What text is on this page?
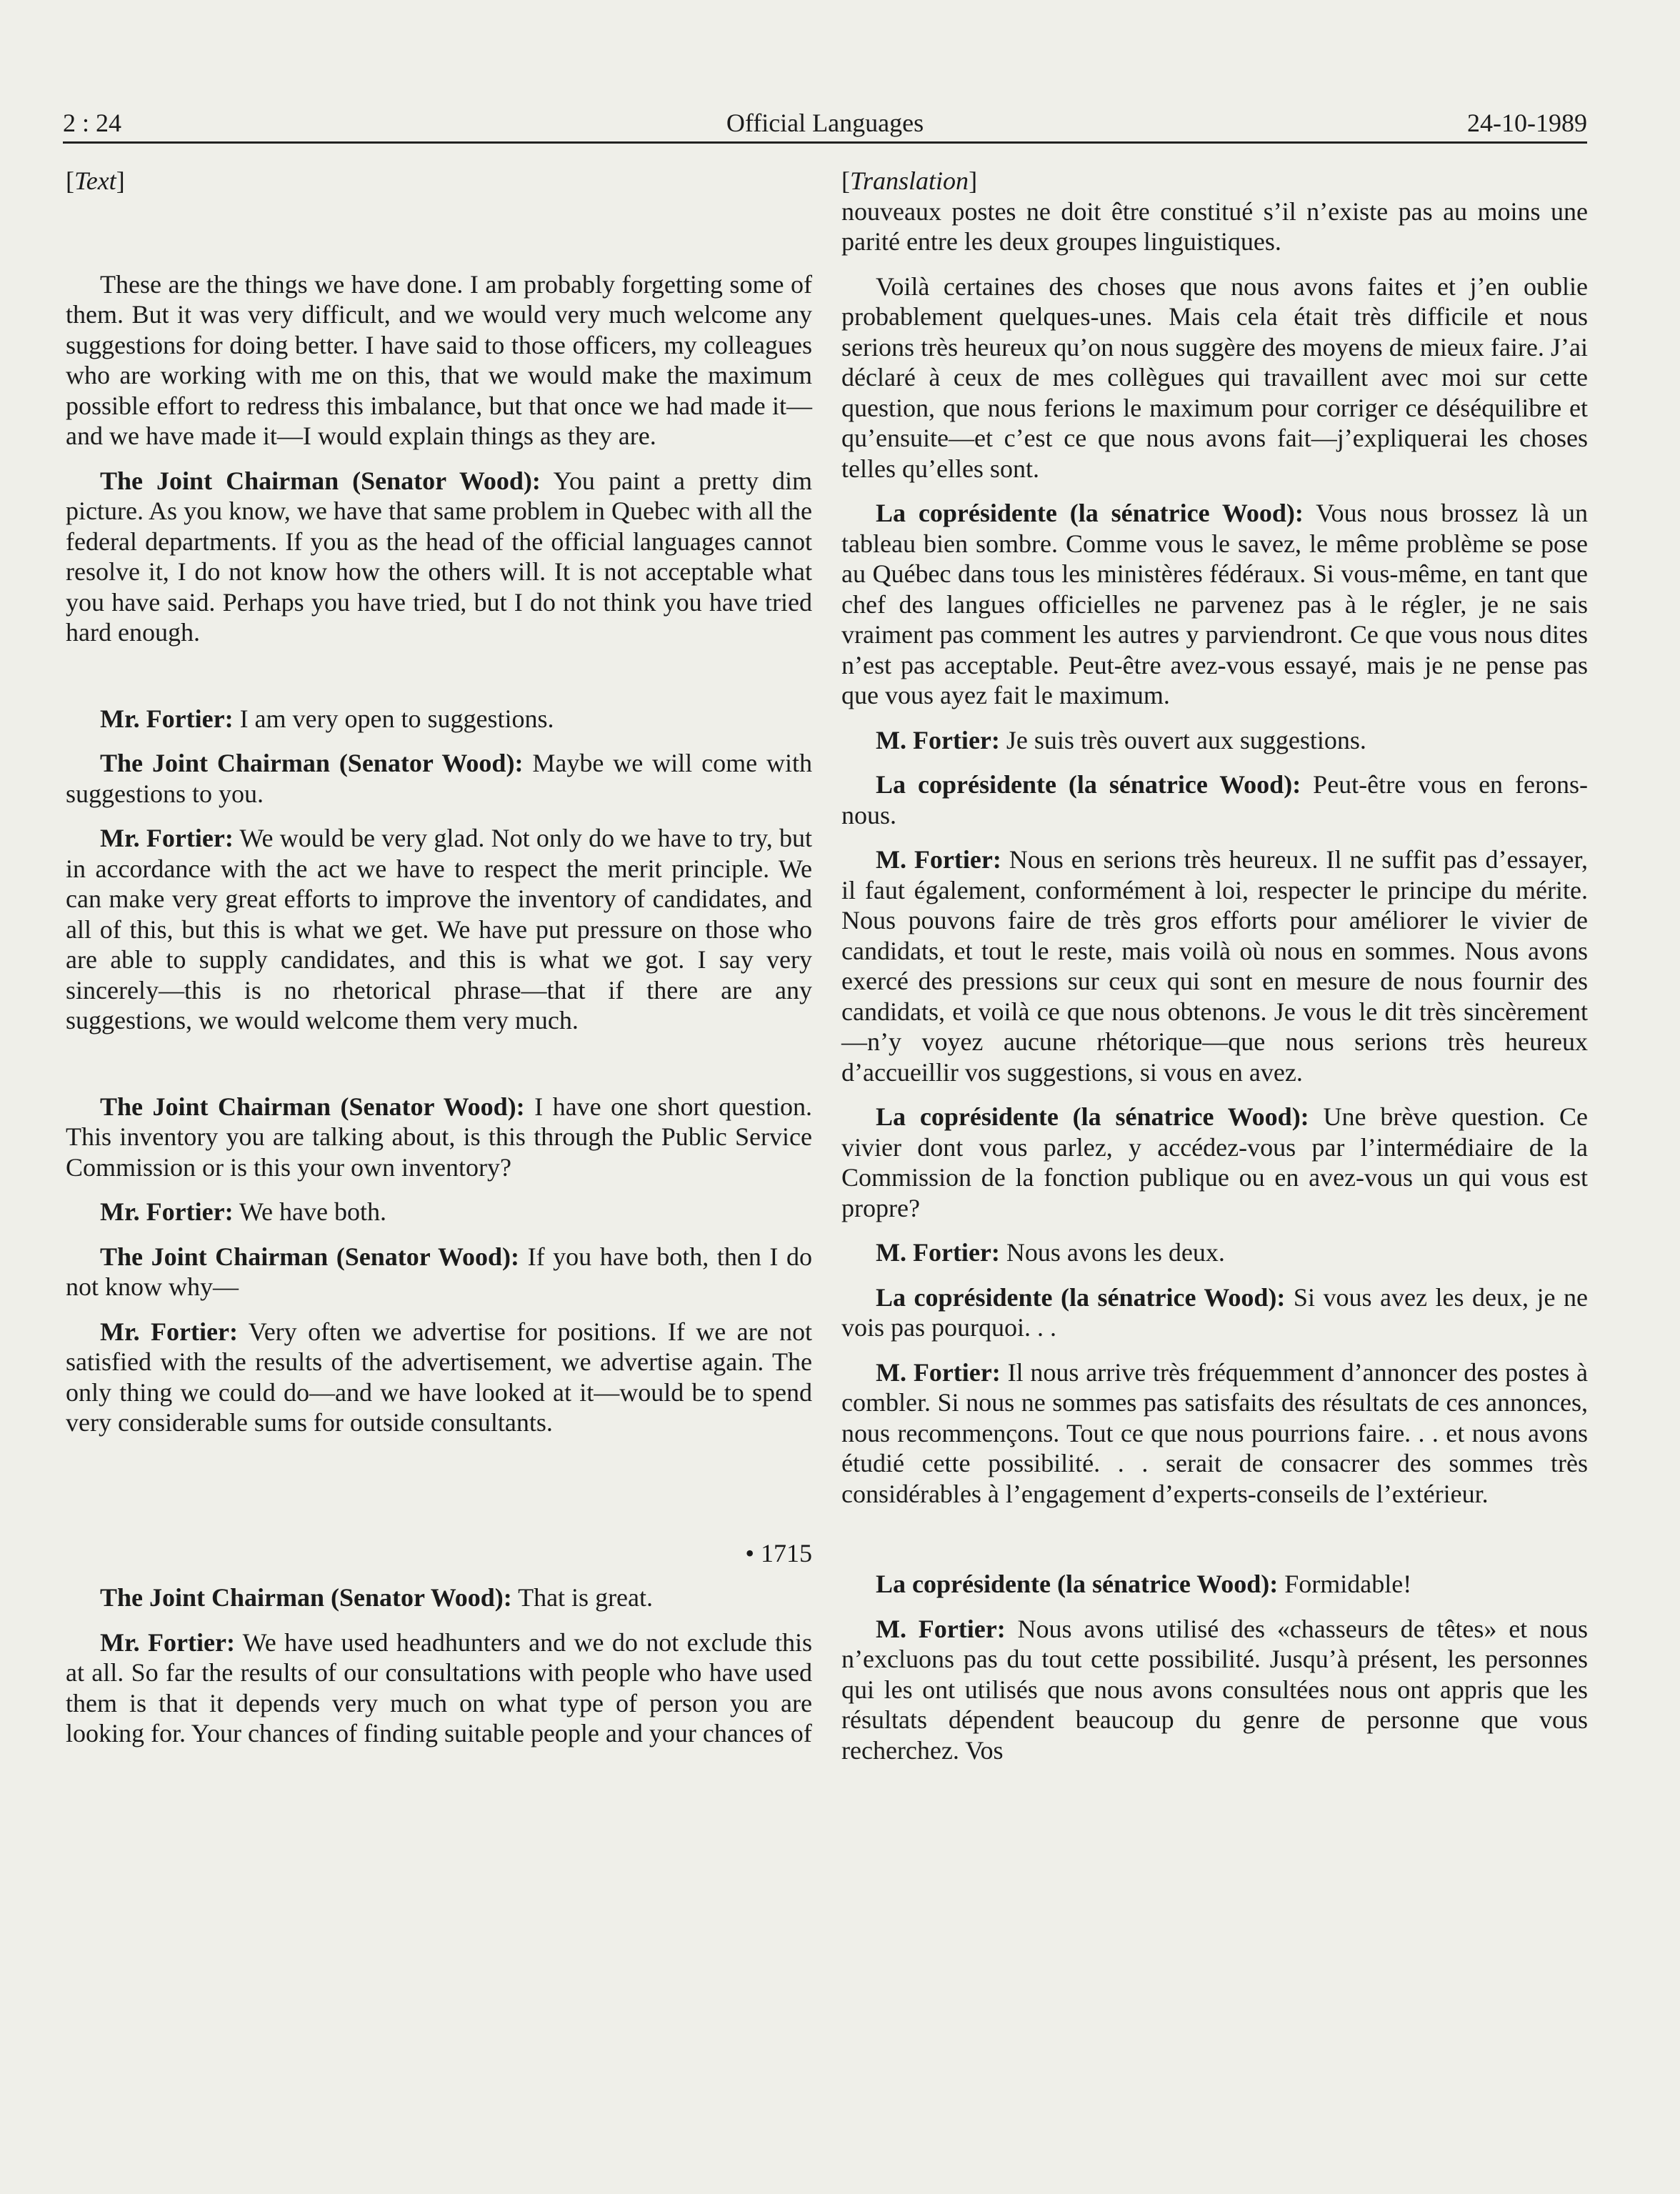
2 : 24	Official Languages	24-10-1989

[Text]

These are the things we have done. I am probably forgetting some of them. But it was very difficult, and we would very much welcome any suggestions for doing better. I have said to those officers, my colleagues who are working with me on this, that we would make the maximum possible effort to redress this imbalance, but that once we had made it—and we have made it—I would explain things as they are.

The Joint Chairman (Senator Wood): You paint a pretty dim picture. As you know, we have that same problem in Quebec with all the federal departments. If you as the head of the official languages cannot resolve it, I do not know how the others will. It is not acceptable what you have said. Perhaps you have tried, but I do not think you have tried hard enough.

Mr. Fortier: I am very open to suggestions.

The Joint Chairman (Senator Wood): Maybe we will come with suggestions to you.

Mr. Fortier: We would be very glad. Not only do we have to try, but in accordance with the act we have to respect the merit principle. We can make very great efforts to improve the inventory of candidates, and all of this, but this is what we get. We have put pressure on those who are able to supply candidates, and this is what we got. I say very sincerely—this is no rhetorical phrase—that if there are any suggestions, we would welcome them very much.

The Joint Chairman (Senator Wood): I have one short question. This inventory you are talking about, is this through the Public Service Commission or is this your own inventory?

Mr. Fortier: We have both.

The Joint Chairman (Senator Wood): If you have both, then I do not know why—

Mr. Fortier: Very often we advertise for positions. If we are not satisfied with the results of the advertisement, we advertise again. The only thing we could do—and we have looked at it—would be to spend very considerable sums for outside consultants.

• 1715

The Joint Chairman (Senator Wood): That is great.

Mr. Fortier: We have used headhunters and we do not exclude this at all. So far the results of our consultations with people who have used them is that it depends very much on what type of person you are looking for. Your chances of finding suitable people and your chances of

[Translation]

nouveaux postes ne doit être constitué s’il n’existe pas au moins une parité entre les deux groupes linguistiques.

Voilà certaines des choses que nous avons faites et j’en oublie probablement quelques-unes. Mais cela était très difficile et nous serions très heureux qu’on nous suggère des moyens de mieux faire. J’ai déclaré à ceux de mes collègues qui travaillent avec moi sur cette question, que nous ferions le maximum pour corriger ce déséquilibre et qu’ensuite—et c’est ce que nous avons fait—j’expliquerai les choses telles qu’elles sont.

La coprésidente (la sénatrice Wood): Vous nous brossez là un tableau bien sombre. Comme vous le savez, le même problème se pose au Québec dans tous les ministères fédéraux. Si vous-même, en tant que chef des langues officielles ne parvenez pas à le régler, je ne sais vraiment pas comment les autres y parviendront. Ce que vous nous dites n’est pas acceptable. Peut-être avez-vous essayé, mais je ne pense pas que vous ayez fait le maximum.

M. Fortier: Je suis très ouvert aux suggestions.

La coprésidente (la sénatrice Wood): Peut-être vous en ferons-nous.

M. Fortier: Nous en serions très heureux. Il ne suffit pas d’essayer, il faut également, conformément à loi, respecter le principe du mérite. Nous pouvons faire de très gros efforts pour améliorer le vivier de candidats, et tout le reste, mais voilà où nous en sommes. Nous avons exercé des pressions sur ceux qui sont en mesure de nous fournir des candidats, et voilà ce que nous obtenons. Je vous le dit très sincèrement—n’y voyez aucune rhétorique—que nous serions très heureux d’accueillir vos suggestions, si vous en avez.

La coprésidente (la sénatrice Wood): Une brève question. Ce vivier dont vous parlez, y accédez-vous par l’intermédiaire de la Commission de la fonction publique ou en avez-vous un qui vous est propre?

M. Fortier: Nous avons les deux.

La coprésidente (la sénatrice Wood): Si vous avez les deux, je ne vois pas pourquoi. . .

M. Fortier: Il nous arrive très fréquemment d’annoncer des postes à combler. Si nous ne sommes pas satisfaits des résultats de ces annonces, nous recommençons. Tout ce que nous pourrions faire. . . et nous avons étudié cette possibilité. . . serait de consacrer des sommes très considérables à l’engagement d’experts-conseils de l’extérieur.

La coprésidente (la sénatrice Wood): Formidable!

M. Fortier: Nous avons utilisé des «chasseurs de têtes» et nous n’excluons pas du tout cette possibilité. Jusqu’à présent, les personnes qui les ont utilisés que nous avons consultées nous ont appris que les résultats dépendent beaucoup du genre de personne que vous recherchez. Vos
